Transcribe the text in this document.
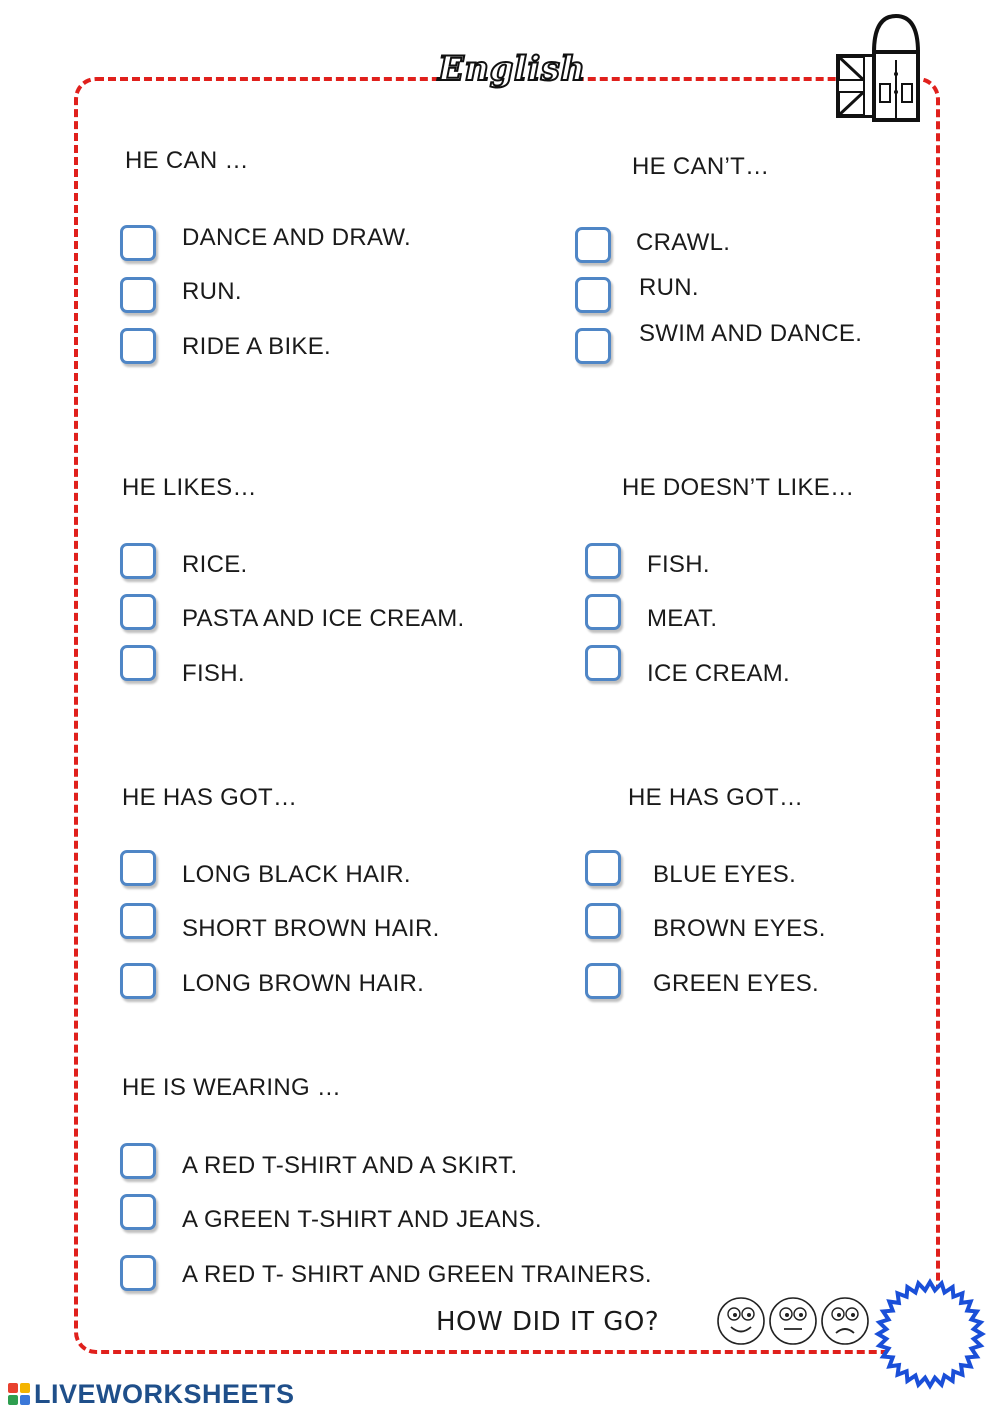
English
HE CAN …
DANCE AND DRAW.
RUN.
RIDE A BIKE.
HE CAN’T…
CRAWL.
RUN.
SWIM AND DANCE.
HE LIKES…
RICE.
PASTA AND ICE CREAM.
FISH.
HE DOESN’T LIKE…
FISH.
MEAT.
ICE CREAM.
HE HAS GOT…
LONG BLACK HAIR.
SHORT BROWN HAIR.
LONG BROWN HAIR.
HE HAS GOT…
BLUE EYES.
BROWN EYES.
GREEN EYES.
HE IS WEARING …
A RED T-SHIRT AND A SKIRT.
A GREEN T-SHIRT AND JEANS.
A RED T- SHIRT AND GREEN TRAINERS.
HOW DID IT GO?
LIVEWORKSHEETS
